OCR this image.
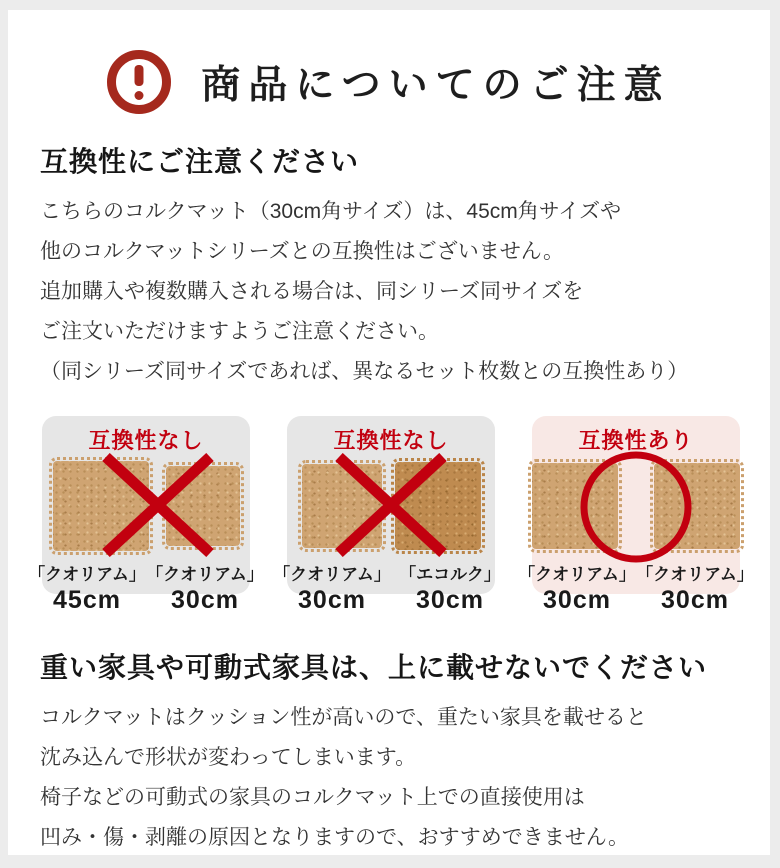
商品についてのご注意
互換性にご注意ください
こちらのコルクマット（30cm角サイズ）は、45cm角サイズや
他のコルクマットシリーズとの互換性はございません。
追加購入や複数購入される場合は、同シリーズ同サイズを
ご注文いただけますようご注意ください。
（同シリーズ同サイズであれば、異なるセット枚数との互換性あり）
互換性なし
「クオリアム」
45cm
「クオリアム」
30cm
互換性なし
「クオリアム」
30cm
「エコルク」
30cm
互換性あり
「クオリアム」
30cm
「クオリアム」
30cm
重い家具や可動式家具は、上に載せないでください
コルクマットはクッション性が高いので、重たい家具を載せると
沈み込んで形状が変わってしまいます。
椅子などの可動式の家具のコルクマット上での直接使用は
凹み・傷・剥離の原因となりますので、おすすめできません。
